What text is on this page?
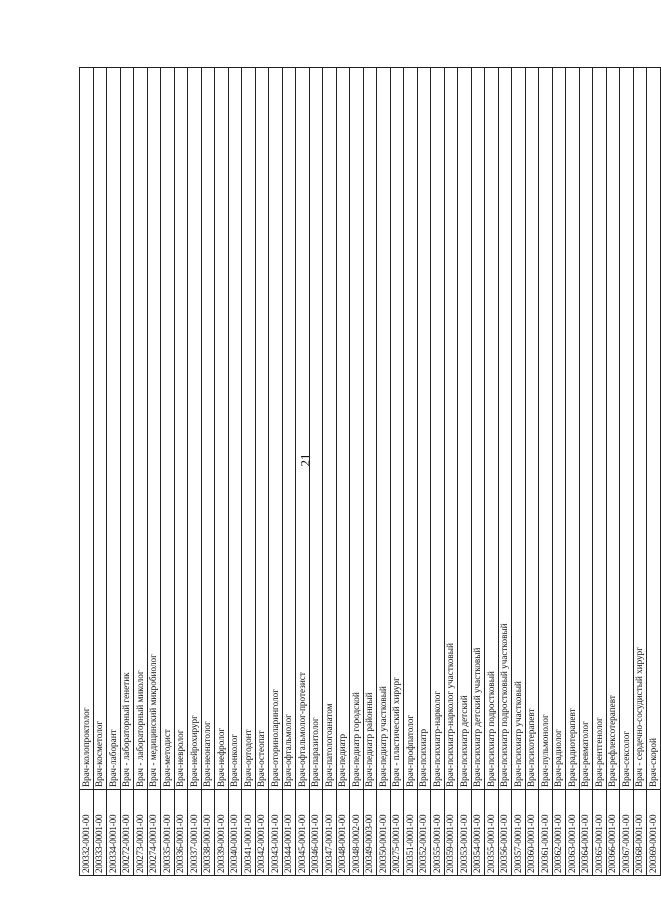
21
200332-0001-00	Врач-колопроктолог
200333-0001-00	Врач-косметолог
200334-0001-00	Врач-лаборант
200272-0001-00	Врач - лабораторный генетик
200273-0001-00	Врач - лабораторный миколог
200274-0001-00	Врач - медицинский микробиолог
200335-0001-00	Врач-методист
200336-0001-00	Врач-невролог
200337-0001-00	Врач-нейрохирург
200338-0001-00	Врач-неонатолог
200339-0001-00	Врач-нефролог
200340-0001-00	Врач-онколог
200341-0001-00	Врач-ортодонт
200342-0001-00	Врач-остеопат
200343-0001-00	Врач-оториноларинголог
200344-0001-00	Врач-офтальмолог
200345-0001-00	Врач-офтальмолог-протезист
200346-0001-00	Врач-паразитолог
200347-0001-00	Врач-патологоанатом
200348-0001-00	Врач-педиатр
200348-0002-00	Врач-педиатр городской
200349-0003-00	Врач-педиатр районный
200350-0001-00	Врач-педиатр участковый
200275-0001-00	Врач - пластический хирург
200351-0001-00	Врач-профпатолог
200352-0001-00	Врач-психиатр
200355-0001-00	Врач-психиатр-нарколог
200359-0001-00	Врач-психиатр-нарколог участковый
200353-0001-00	Врач-психиатр детский
200354-0001-00	Врач-психиатр детский участковый
200355-0001-00	Врач-психиатр подростковый
200356-0001-00	Врач-психиатр подростковый участковый
200357-0001-00	Врач-психиатр участковый
200360-0001-00	Врач-психотерапевт
200361-0001-00	Врач-пульмонолог
200362-0001-00	Врач-радиолог
200363-0001-00	Врач-радиотерапевт
200364-0001-00	Врач-ревматолог
200365-0001-00	Врач-рентгенолог
200366-0001-00	Врач-рефлексотерапевт
200367-0001-00	Врач-сексолог
200368-0001-00	Врач - сердечно-сосудистый хирург
200369-0001-00	Врач-скорой
